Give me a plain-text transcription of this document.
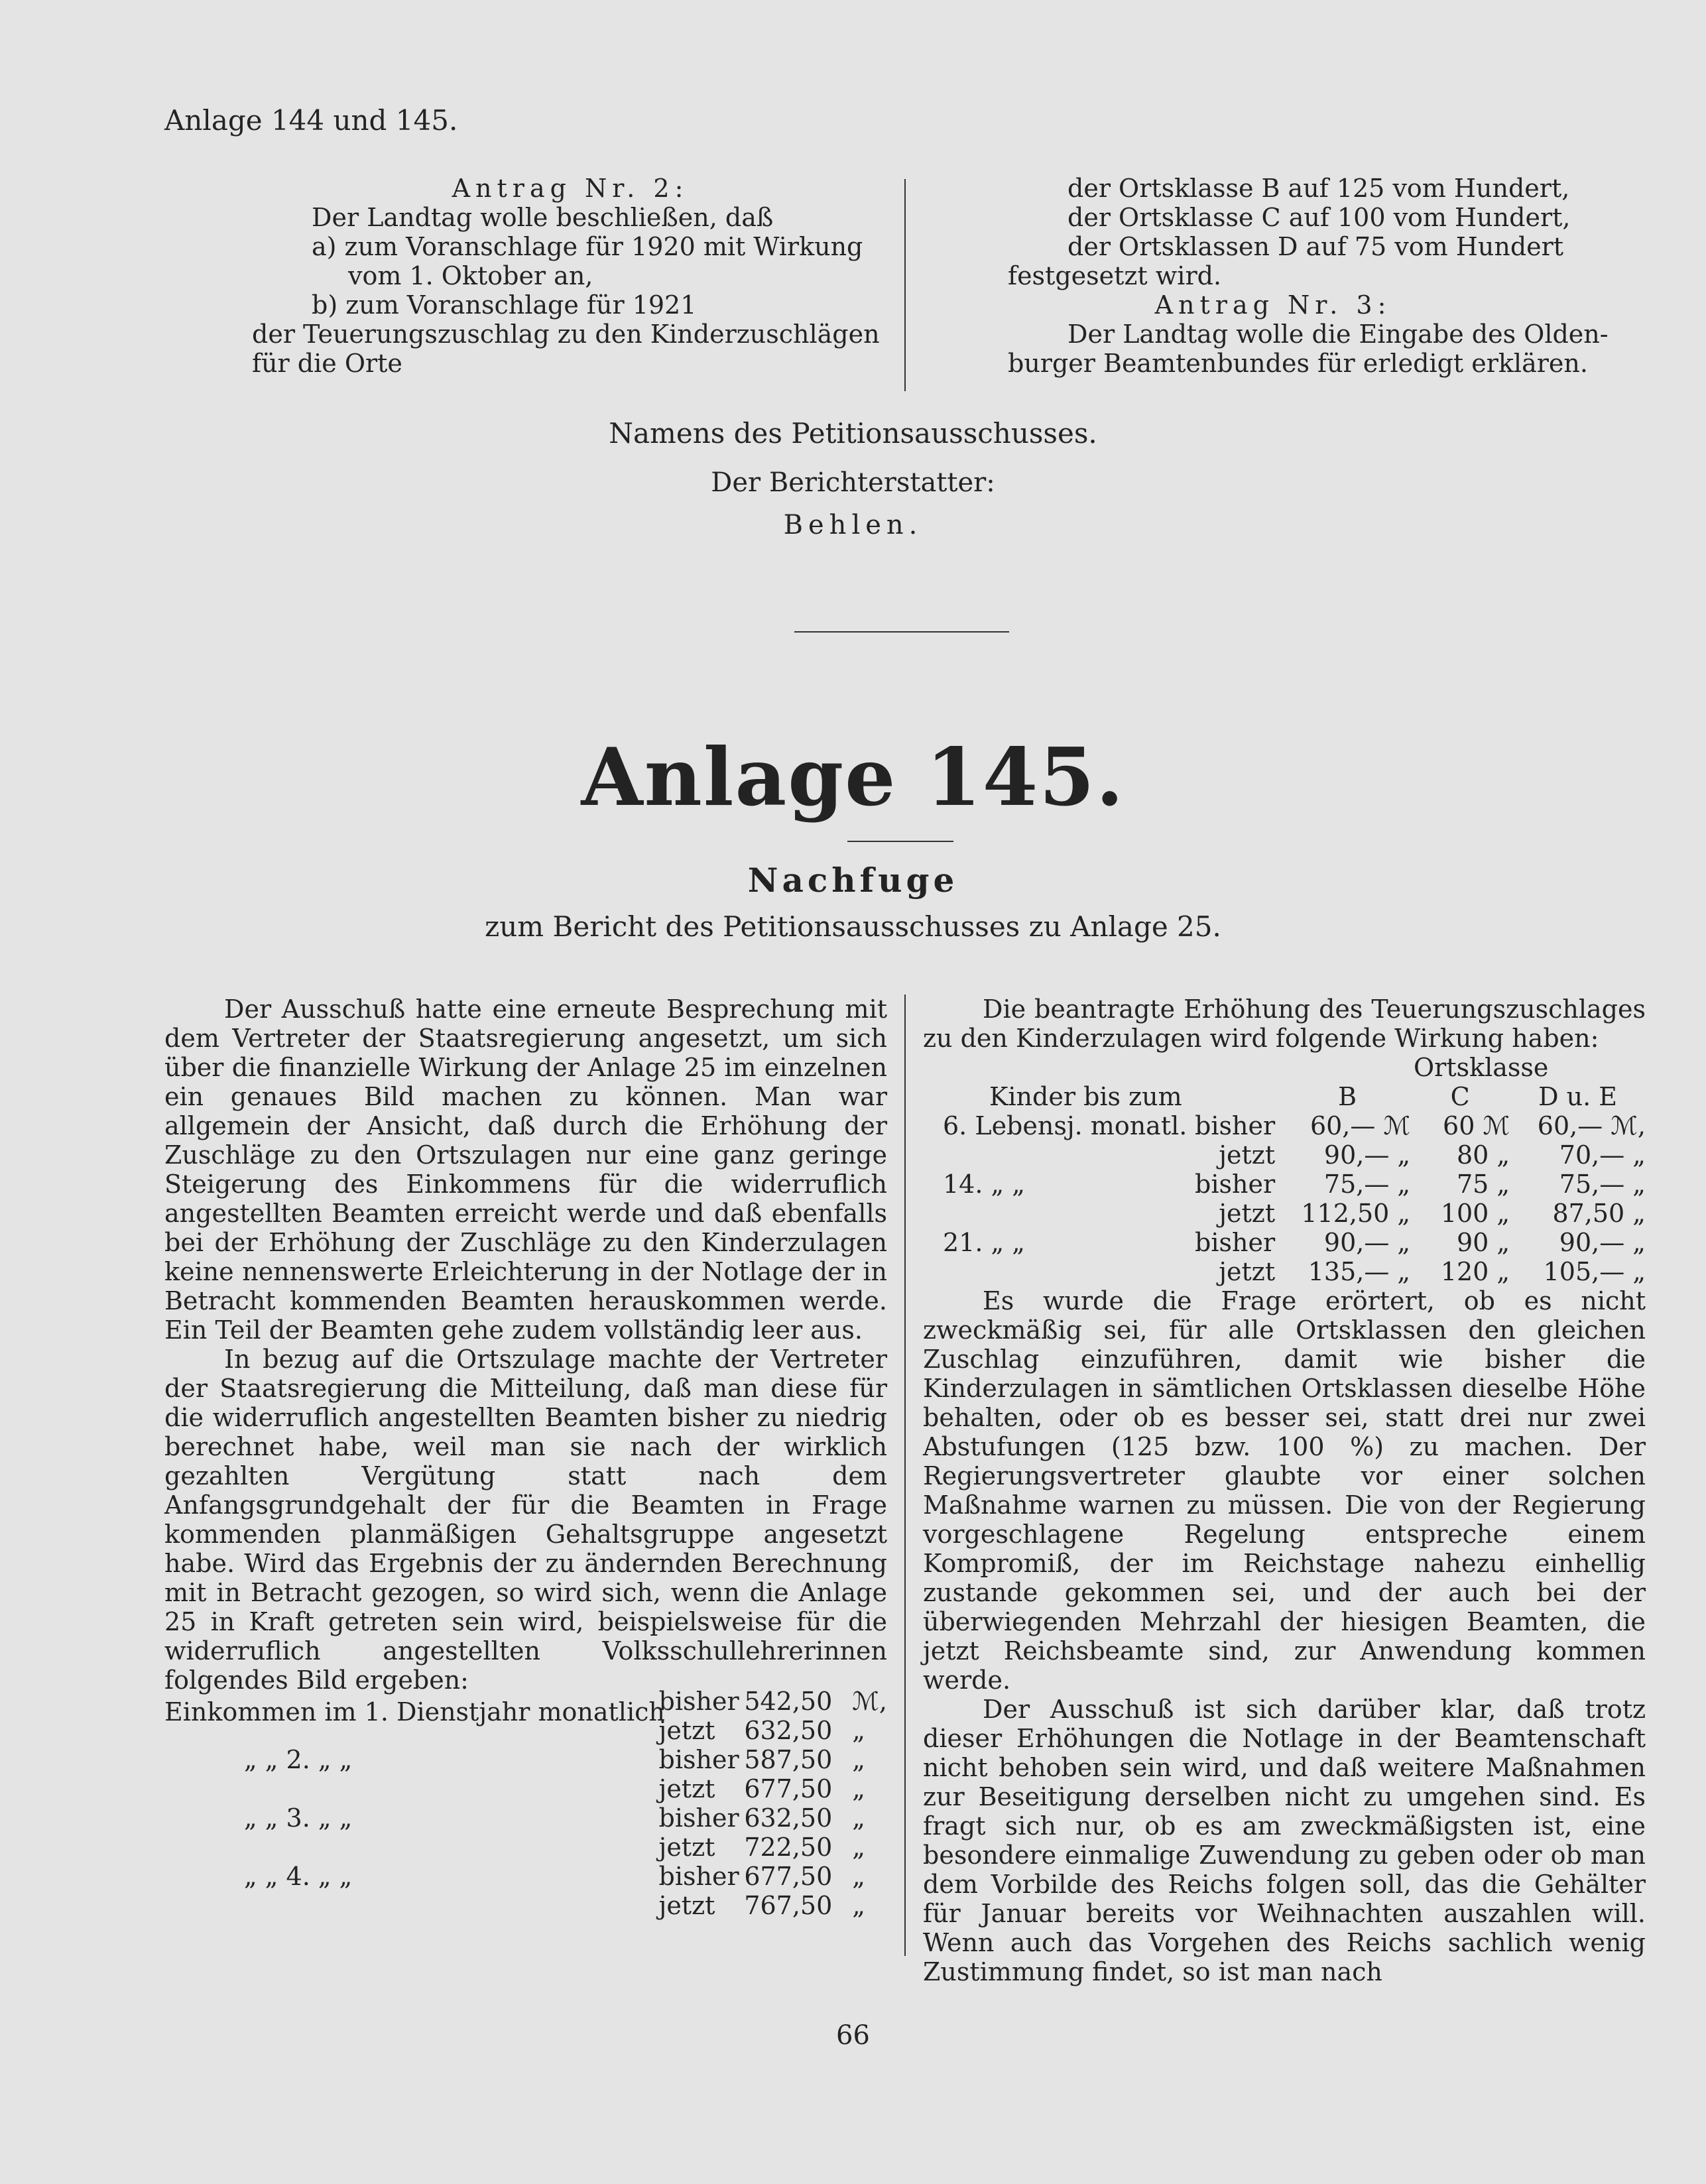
Anlage 144 und 145.
Antrag Nr. 2:
Der Landtag wolle beschließen, daß
a) zum Voranschlage für 1920 mit Wirkung
vom 1. Oktober an,
b) zum Voranschlage für 1921
der Teuerungszuschlag zu den Kinderzuschlägen
für die Orte
der Ortsklasse B auf 125 vom Hundert,
der Ortsklasse C auf 100 vom Hundert,
der Ortsklassen D auf 75 vom Hundert
festgesetzt wird.
Antrag Nr. 3:
Der Landtag wolle die Eingabe des Olden-
burger Beamtenbundes für erledigt erklären.
Namens des Petitionsausschusses.
Der Berichterstatter:
Behlen.
Anlage 145.
Nachfuge
zum Bericht des Petitionsausschusses zu Anlage 25.
Der Ausschuß hatte eine erneute Besprechung mit dem Vertreter der Staatsregierung angesetzt, um sich über die finanzielle Wirkung der Anlage 25 im einzelnen ein genaues Bild machen zu können. Man war allgemein der Ansicht, daß durch die Erhöhung der Zuschläge zu den Ortszulagen nur eine ganz geringe Steigerung des Einkommens für die widerruflich angestellten Beamten erreicht werde und daß ebenfalls bei der Erhöhung der Zuschläge zu den Kinderzulagen keine nennenswerte Erleichterung in der Notlage der in Betracht kommenden Beamten herauskommen werde. Ein Teil der Beamten gehe zudem vollständig leer aus.
In bezug auf die Ortszulage machte der Vertreter der Staatsregierung die Mitteilung, daß man diese für die widerruflich angestellten Beamten bisher zu niedrig berechnet habe, weil man sie nach der wirklich gezahlten Vergütung statt nach dem Anfangsgrundgehalt der für die Beamten in Frage kommenden planmäßigen Gehaltsgruppe angesetzt habe. Wird das Ergebnis der zu ändernden Berechnung mit in Betracht gezogen, so wird sich, wenn die Anlage 25 in Kraft getreten sein wird, beispielsweise für die widerruflich angestellten Volksschullehrerinnen folgendes Bild ergeben:
Einkommen im 1. Dienstjahr monatlich
	bisher	542,50	ℳ,
	jetzt	632,50	„
„ „ 2. „ „	bisher	587,50	„
	jetzt	677,50	„
„ „ 3. „ „	bisher	632,50	„
	jetzt	722,50	„
„ „ 4. „ „	bisher	677,50	„
	jetzt	767,50	„
Die beantragte Erhöhung des Teuerungszuschlages zu den Kinderzulagen wird folgende Wirkung haben:
Ortsklasse
Kinder bis zum		B	C	D u. E
6. Lebensj. monatl.	bisher	60,— ℳ	60 ℳ	60,— ℳ,
	jetzt	90,— „	80 „	70,— „
14. „ „	bisher	75,— „	75 „	75,— „
	jetzt	112,50 „	100 „	87,50 „
21. „ „	bisher	90,— „	90 „	90,— „
	jetzt	135,— „	120 „	105,— „
Es wurde die Frage erörtert, ob es nicht zweckmäßig sei, für alle Ortsklassen den gleichen Zuschlag einzuführen, damit wie bisher die Kinderzulagen in sämtlichen Ortsklassen dieselbe Höhe behalten, oder ob es besser sei, statt drei nur zwei Abstufungen (125 bzw. 100 %) zu machen. Der Regierungsvertreter glaubte vor einer solchen Maßnahme warnen zu müssen. Die von der Regierung vorgeschlagene Regelung entspreche einem Kompromiß, der im Reichstage nahezu einhellig zustande gekommen sei, und der auch bei der überwiegenden Mehrzahl der hiesigen Beamten, die jetzt Reichsbeamte sind, zur Anwendung kommen werde.
Der Ausschuß ist sich darüber klar, daß trotz dieser Erhöhungen die Notlage in der Beamtenschaft nicht behoben sein wird, und daß weitere Maßnahmen zur Beseitigung derselben nicht zu umgehen sind. Es fragt sich nur, ob es am zweckmäßigsten ist, eine besondere einmalige Zuwendung zu geben oder ob man dem Vorbilde des Reichs folgen soll, das die Gehälter für Januar bereits vor Weihnachten auszahlen will. Wenn auch das Vorgehen des Reichs sachlich wenig Zustimmung findet, so ist man nach
66
